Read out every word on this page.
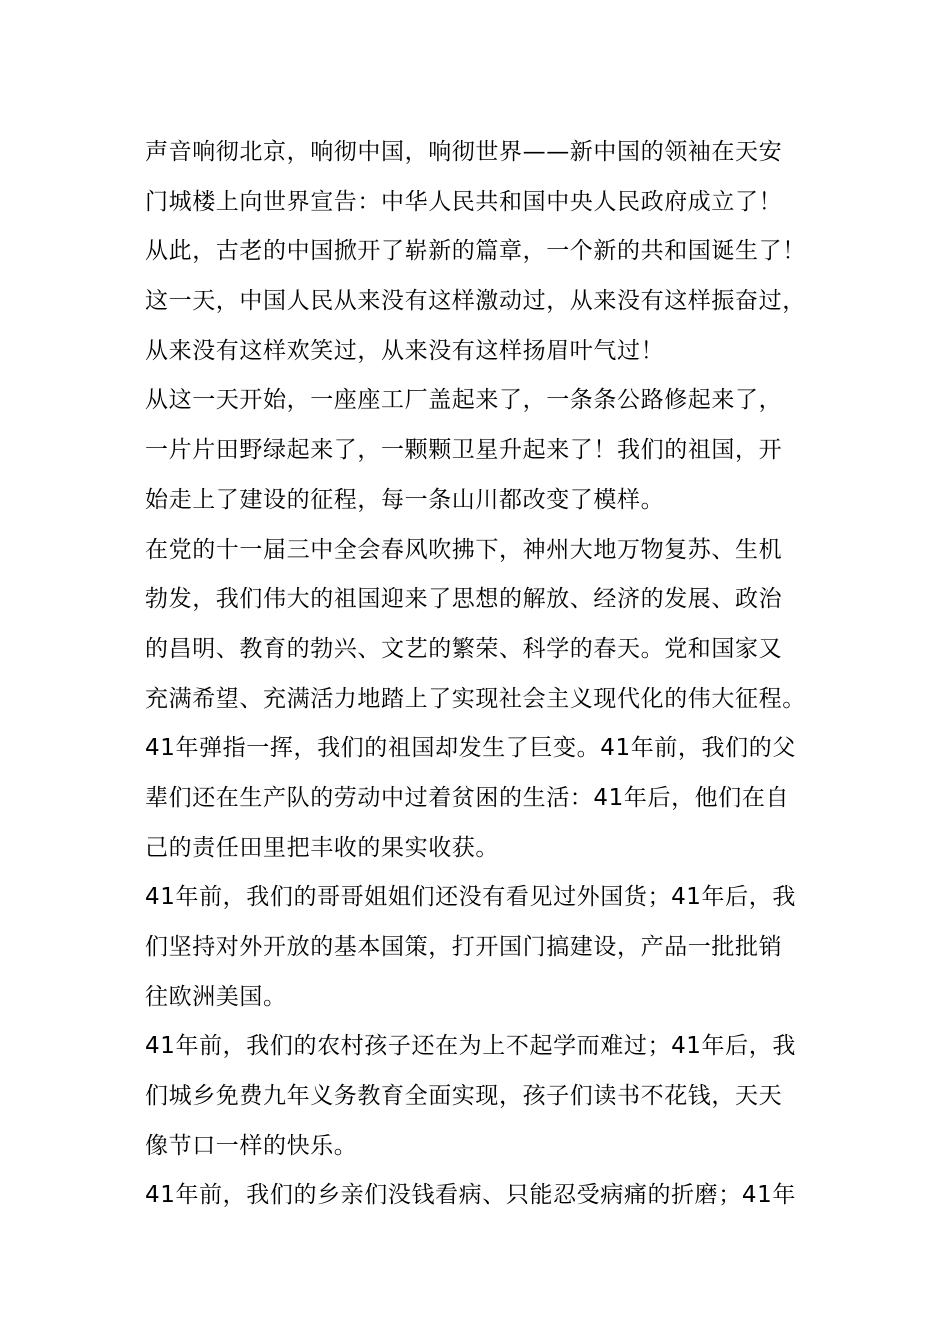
声音响彻北京，响彻中国，响彻世界——新中国的领袖在天安
门城楼上向世界宣告：中华人民共和国中央人民政府成立了！
从此，古老的中国掀开了崭新的篇章，一个新的共和国诞生了！
这一天，中国人民从来没有这样激动过，从来没有这样振奋过，
从来没有这样欢笑过，从来没有这样扬眉叶气过！
从这一天开始，一座座工厂盖起来了，一条条公路修起来了，
一片片田野绿起来了，一颗颗卫星升起来了！我们的祖国，开
始走上了建设的征程，每一条山川都改变了模样。
在党的十一届三中全会春风吹拂下，神州大地万物复苏、生机
勃发，我们伟大的祖国迎来了思想的解放、经济的发展、政治
的昌明、教育的勃兴、文艺的繁荣、科学的春天。党和国家又
充满希望、充满活力地踏上了实现社会主义现代化的伟大征程。
41年弹指一挥，我们的祖国却发生了巨变。41年前，我们的父
辈们还在生产队的劳动中过着贫困的生活：41年后，他们在自
己的责任田里把丰收的果实收获。
41年前，我们的哥哥姐姐们还没有看见过外国货；41年后，我
们坚持对外开放的基本国策，打开国门搞建设，产品一批批销
往欧洲美国。
41年前，我们的农村孩子还在为上不起学而难过；41年后，我
们城乡免费九年义务教育全面实现，孩子们读书不花钱，天天
像节口一样的快乐。
41年前，我们的乡亲们没钱看病、只能忍受病痛的折磨；41年
